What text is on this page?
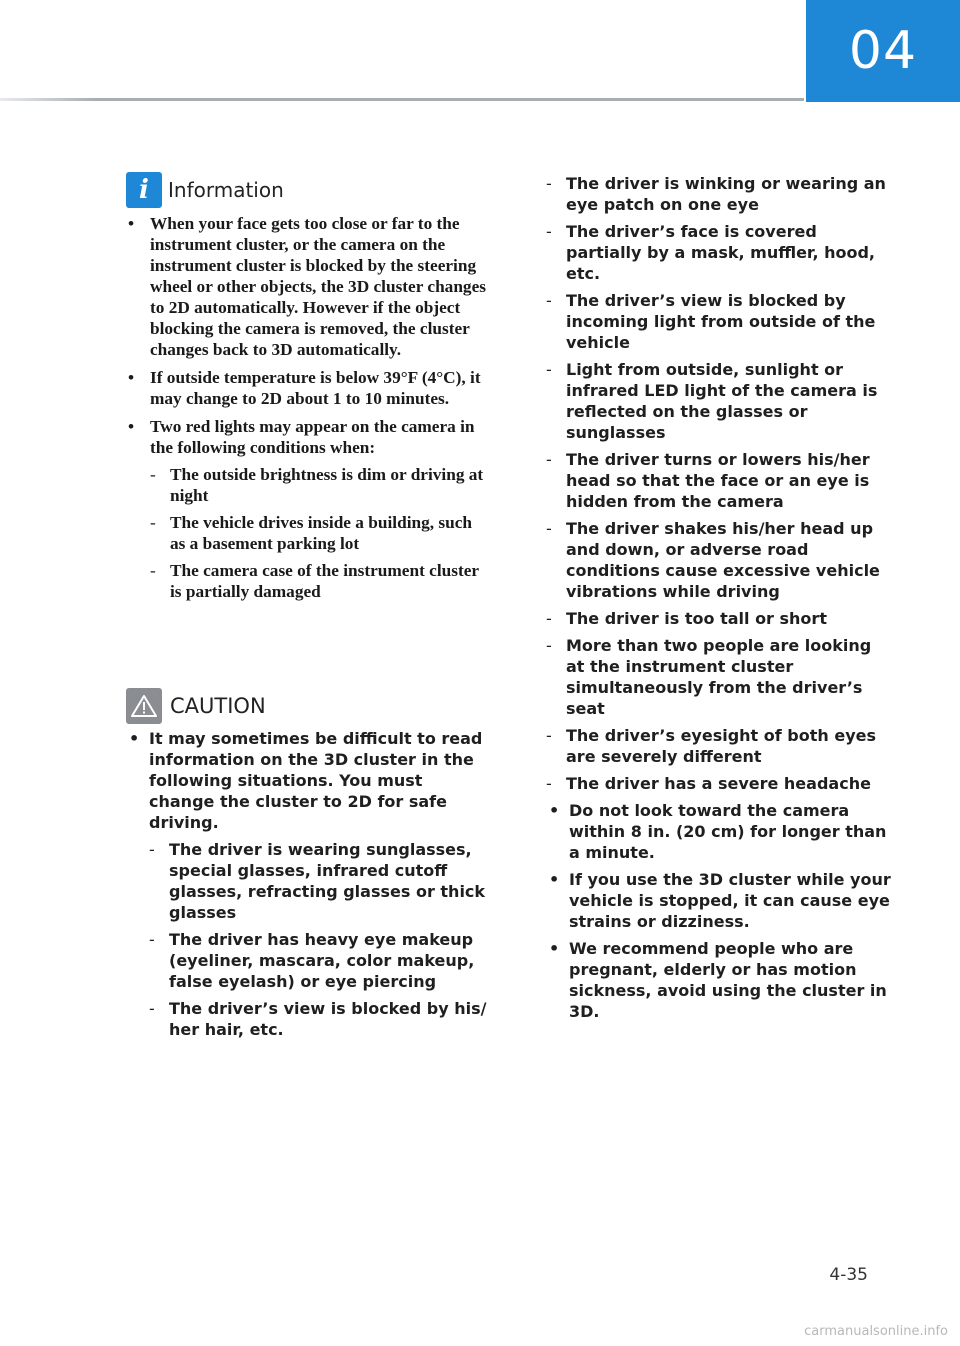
04
i Information
• When your face gets too close or far to the instrument cluster, or the camera on the instrument cluster is blocked by the steering wheel or other objects, the 3D cluster changes to 2D automatically. However if the object blocking the camera is removed, the cluster changes back to 3D automatically.
• If outside temperature is below 39°F (4°C), it may change to 2D about 1 to 10 minutes.
• Two red lights may appear on the camera in the following conditions when:
- The outside brightness is dim or driving at night
- The vehicle drives inside a building, such as a basement parking lot
- The camera case of the instrument cluster is partially damaged
CAUTION
• It may sometimes be difficult to read information on the 3D cluster in the following situations. You must change the cluster to 2D for safe driving.
- The driver is wearing sunglasses, special glasses, infrared cutoff glasses, refracting glasses or thick glasses
- The driver has heavy eye makeup (eyeliner, mascara, color makeup, false eyelash) or eye piercing
- The driver’s view is blocked by his/ her hair, etc.
- The driver is winking or wearing an eye patch on one eye
- The driver’s face is covered partially by a mask, muffler, hood, etc.
- The driver’s view is blocked by incoming light from outside of the vehicle
- Light from outside, sunlight or infrared LED light of the camera is reflected on the glasses or sunglasses
- The driver turns or lowers his/her head so that the face or an eye is hidden from the camera
- The driver shakes his/her head up and down, or adverse road conditions cause excessive vehicle vibrations while driving
- The driver is too tall or short
- More than two people are looking at the instrument cluster simultaneously from the driver’s seat
- The driver’s eyesight of both eyes are severely different
- The driver has a severe headache
• Do not look toward the camera within 8 in. (20 cm) for longer than a minute.
• If you use the 3D cluster while your vehicle is stopped, it can cause eye strains or dizziness.
• We recommend people who are pregnant, elderly or has motion sickness, avoid using the cluster in 3D.
4-35
carmanualsonline.info
